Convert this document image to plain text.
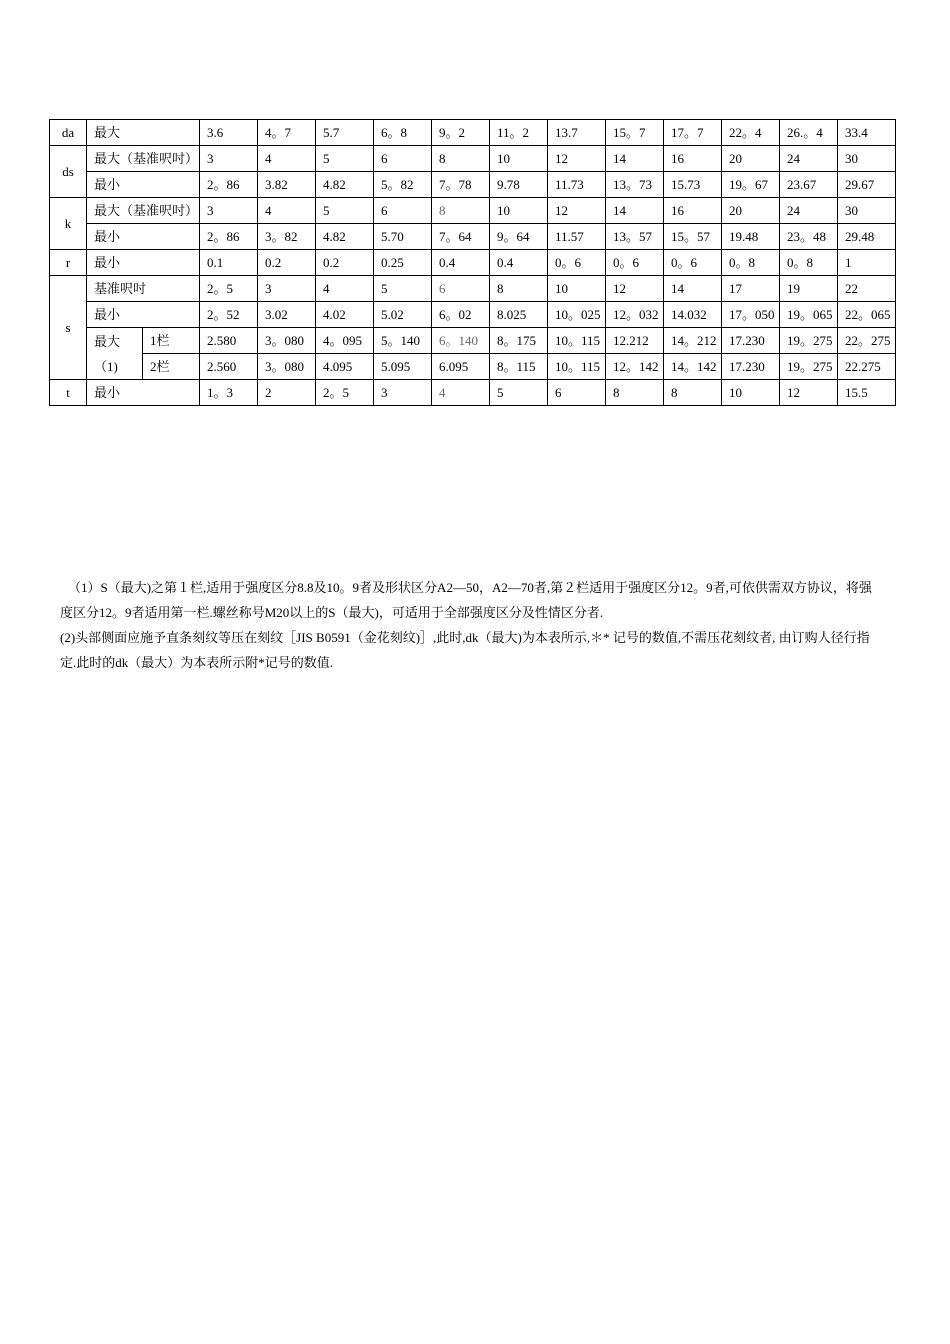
da	最大		3.6	4。7	5.7	6。8	9。2	11。2	13.7	15。7	17。7	22。4	26.。4	33.4
ds	最大（基准呎吋）		3	4	5	6	8	10	12	14	16	20	24	30
	最小		2。86	3.82	4.82	5。82	7。78	9.78	11.73	13。73	15.73	19。67	23.67	29.67
k	最大（基准呎吋）		3	4	5	6	8	10	12	14	16	20	24	30
	最小		2。86	3。82	4.82	5.70	7。64	9。64	11.57	13。57	15。57	19.48	23。48	29.48
r	最小		0.1	0.2	0.2	0.25	0.4	0.4	0。6	0。6	0。6	0。8	0。8	1
s	基准呎吋		2。5	3	4	5	6	8	10	12	14	17	19	22
	最小		2。52	3.02	4.02	5.02	6。02	8.025	10。025	12。032	14.032	17。050	19。065	22。065
	最大（1)	1栏	2.580	3。080	4。095	5。140	6。140	8。175	10。115	12.212	14。212	17.230	19。275	22。275
		2栏	2.560	3。080	4.095	5.095	6.095	8。115	10。115	12。142	14。142	17.230	19。275	22.275
t	最小		1。3	2	2。5	3	4	5	6	8	8	10	12	15.5

（1）S（最大)之第１栏,适用于强度区分8.8及10。9者及形状区分A2—50，A2—70者,第２栏适用于强度区分12。9者,可依供需双方协议，将强度区分12。9者适用第一栏.螺丝称号M20以上的S（最大)，可适用于全部强度区分及性情区分者.

(2)头部侧面应施予直条刻纹等压在刻纹［JIS B0591（金花刻纹)］,此时,dk（最大)为本表所示,＊* 记号的数值,不需压花刻纹者, 由订购人径行指定.此时的dk（最大）为本表所示附*记号的数值.
